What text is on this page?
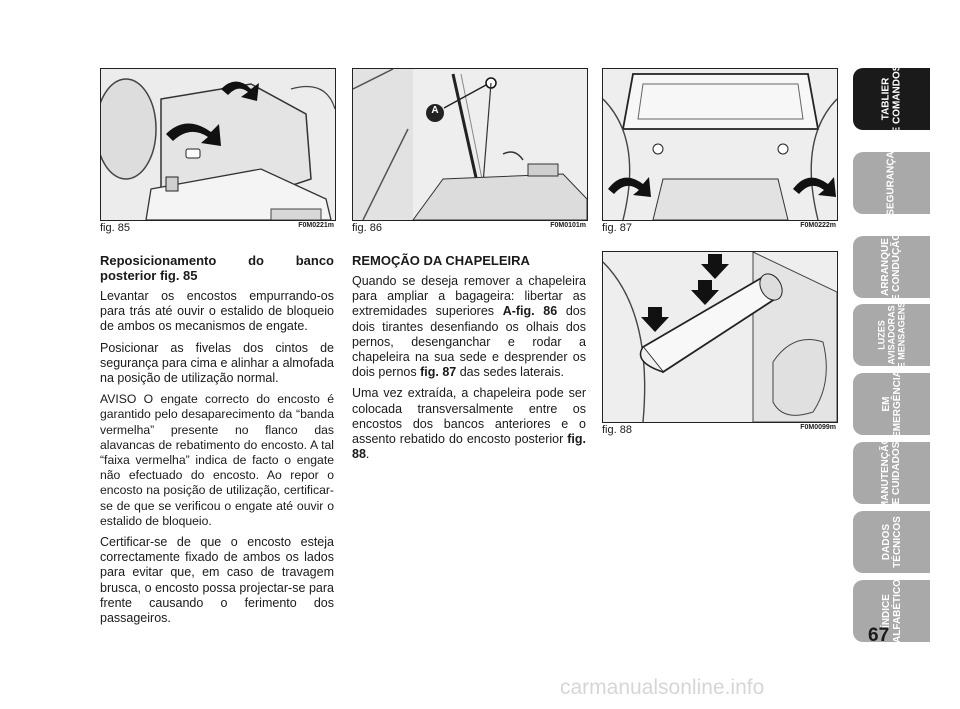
fig. 85	F0M0221m
A
fig. 86	F0M0101m fig. 87	F0M0222m
fig. 88	F0M0099m
Reposicionamento do banco posterior fig. 85

Levantar os encostos empurrando-os para trás até ouvir o estalido de bloqueio de ambos os mecanismos de engate.

Posicionar as fivelas dos cintos de segurança para cima e alinhar a almofada na posição de utilização normal.

AVISO O engate correcto do encosto é garantido pelo desaparecimento da “banda vermelha” presente no flanco das alavancas de rebatimento do encosto. A tal “faixa vermelha” indica de facto o engate não efectuado do encosto. Ao repor o encosto na posição de utilização, certificar-se de que se verificou o engate até ouvir o estalido de bloqueio.

Certificar-se de que o encosto esteja correctamente fixado de ambos os lados para evitar que, em caso de travagem brusca, o encosto possa projectar-se para frente causando o ferimento dos passageiros.

REMOÇÃO DA CHAPELEIRA

Quando se deseja remover a chapeleira para ampliar a bagageira: libertar as extremidades superiores A-fig. 86 dos dois tirantes desenfiando os olhais dos pernos, desenganchar e rodar a chapeleira na sua sede e desprender os dois pernos fig. 87 das sedes laterais.

Uma vez extraída, a chapeleira pode ser colocada transversalmente entre os encostos dos bancos anteriores e o assento rebatido do encosto posterior fig. 88.

TABLIER
E COMANDOS
SEGURANÇA
ARRANQUE
E CONDUÇÃO
LUZES
AVISADORAS
E MENSAGENS
EM
EMERGÊNCIA
MANUTENÇÃO
E CUIDADOS
DADOS
TÉCNICOS
ÍNDICE
ALFABÉTICO
67
carmanualsonline.info
